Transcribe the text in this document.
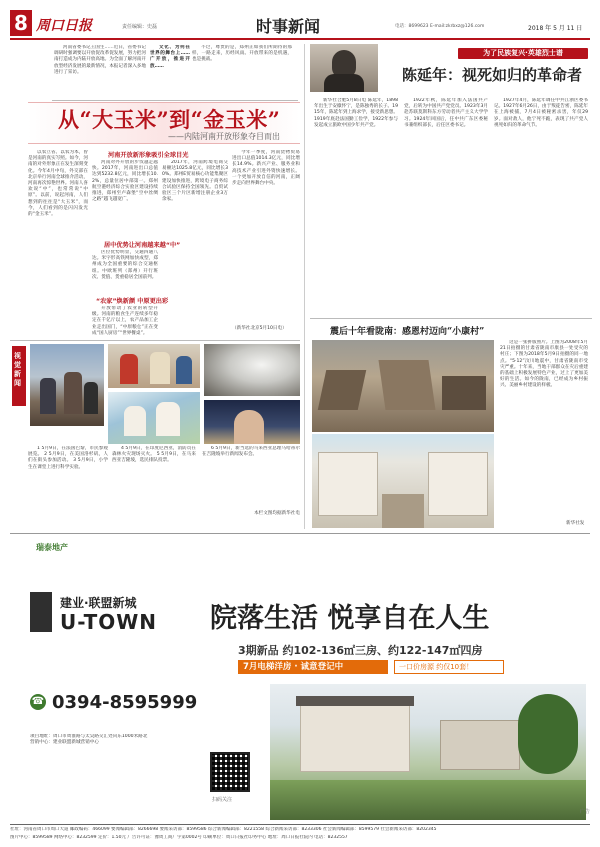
8 周口日报	责任编辑：史磊	时事新闻	电话：8699623 E-mail:zkrbxz@126.com	2018 年 5 月 11 日

河南省委书记王国生……近日，省委书记调研时强调要以开放促改革促发展，努力把河南打造成为内陆开放高地。为全面了解河南开放型经济发展的最新情况，本报记者深入多地进行了采访。

文化、为何在世界的舞台上……广开放，推进开放……

不过，尊贵的是，郑州正如我们所期待的那样，一路走来，历经风雨。开放带来的是机遇，也是挑战。

从“大玉米”到“金玉米”
——内陆河南开放形象夺目而出

以农立省、以农为本，曾是河南的真实写照。如今，河南的对外形象正在发生深刻变化。今年4月中旬，外交部在北京举行河南全球推介活动，河南再次惊艳世界。河南人喜欢说“中”，也常常说“中原”。以前，说起河南，人们想到的往往是“大玉米”，而今，人们看到的是闪闪发光的“金玉米”。

河南开放新形象吸引全球目光

河南对外开放的步伐越走越快。2017年，河南进出口总值达到5232.8亿元，同比增长10.2%，总量位居中部第一。郑州航空港经济综合实验区建设持续推进，郑州至卢森堡“空中丝绸之路”越飞越宽广。

居中优势让河南越来越“中”

区位优势明显，交通四通八达。米字形高铁网加快成型，郑州成为全国重要的综合交通枢纽。中欧班列（郑州）开行班次、货值、货重稳居全国前列。

“农家”焕新颜 中原更出彩

开放带动了农业的转型升级。河南的粮食生产连续多年稳定在千亿斤以上，农产品加工企业走出国门，“中原粮仓”正在变成“国人厨房”“世界餐桌”。

2017年，河南跨境电商交易额达1025.8亿元，同比增长30%。郑州E贸易核心功能集聚区建设加快推进，跨境电子商务综合试验区保持全国领先。自贸试验区三个片区新增注册企业3万余家。

今年一季度，河南货物贸易进出口总值1014.3亿元，同比增长14.9%。新兴产业、服务业和高技术产业引进外资快速增长。一个更加开放自信的河南，正阔步走向世界舞台中央。

（新华社北京5月10日电）
视觉新闻

1 5月9日，在法国巴黎，市民参观展览。 2 5月9日，在美国洛杉矶，人们在街头参加活动。 3 5月9日，小学生在课堂上进行科学实验。

4 5月9日，在印度尼西亚，消防员在森林火灾现场灭火。 5 5月9日，在马来西亚吉隆坡，选民排队投票。

6 5月9日，新当选的马来西亚总理马哈蒂尔在吉隆坡举行新闻发布会。

本栏文图均据新华社电
为了民族复兴·英雄烈士谱
陈延年：视死如归的革命者

新华社合肥5月8日电 陈延年，1898年出生于安徽怀宁，是陈独秀的长子。1915年，陈延年到上海求学，接受新思想。1919年底赴法国勤工俭学，1922年参与发起成立旅欧中国少年共产党。

1922年秋，陈延年加入法国共产党，后转为中国共产党党员。1923年3月赴苏联莫斯科东方劳动者共产主义大学学习。1924年回国后，任中共广东区委秘书兼组织部长，后任区委书记。

1927年4月，陈延年调任中共江浙区委书记。1927年6月26日，由于叛徒告密，陈延年在上海被捕，7月4日被秘密杀害，年仅29岁。面对敌人，他宁死不跪，表现了共产党人视死如归的革命气节。

震后十年看陇南：感恩村迈向“小康村”

这是一张拼版照片。上图为2008年5月21日拍摄的甘肃省陇南市康县一处受灾的村庄；下图为2018年5月9日拍摄的同一地点。“5·12”汶川地震中，甘肃省陇南市受灾严重。十年来，当地干部群众在灾后重建的基础上积极发展特色产业，过上了更加美好的生活。如今的陇南，已经成为乡村振兴、美丽乡村建设的样板。

新华社发
瑞泰地产
建业·联盟新城
U-TOWN
☎ 0394-8595999
项目地址：周口市周淮路与太昊路交汇处向东1000米路北
营销中心：建业联盟新城营销中心
扫码关注
院落生活 悦享自在人生
3期新品 约102-136㎡三房、约122-147㎡四房
7月电梯洋房 · 诚意登记中	一口价房源 约仅10套！
社址：河南省周口市周口大道 邮政编码：466099 要闻编辑部：8266698 要闻采访部：8599586 综合新闻编辑部：8221558 综合新闻采访部：8233306 社会新闻编辑部：8599579 社会新闻采访部：8202345
图片中心：8599589 网络中心：8232599 定价：1.50元 广告许可证：豫周工商广字第0002号 印刷单位：周口日报社印务中心 地址：周口日报社院内 电话：8232557
广告
